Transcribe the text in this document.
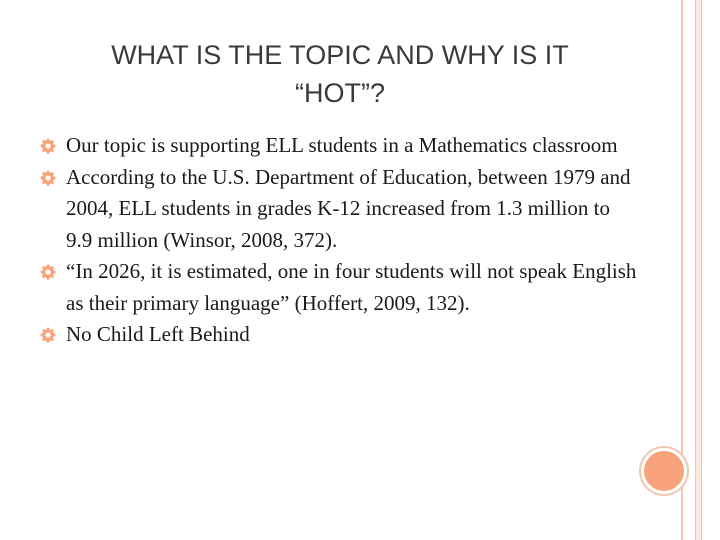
WHAT IS THE TOPIC AND WHY IS IT
“HOT”?
Our topic is supporting ELL students in a Mathematics classroom
According to the U.S. Department of Education, between 1979 and 2004, ELL students in grades K-12 increased from 1.3 million to 9.9 million (Winsor, 2008, 372).
“In 2026, it is estimated, one in four students will not speak English as their primary language” (Hoffert, 2009, 132).
No Child Left Behind
